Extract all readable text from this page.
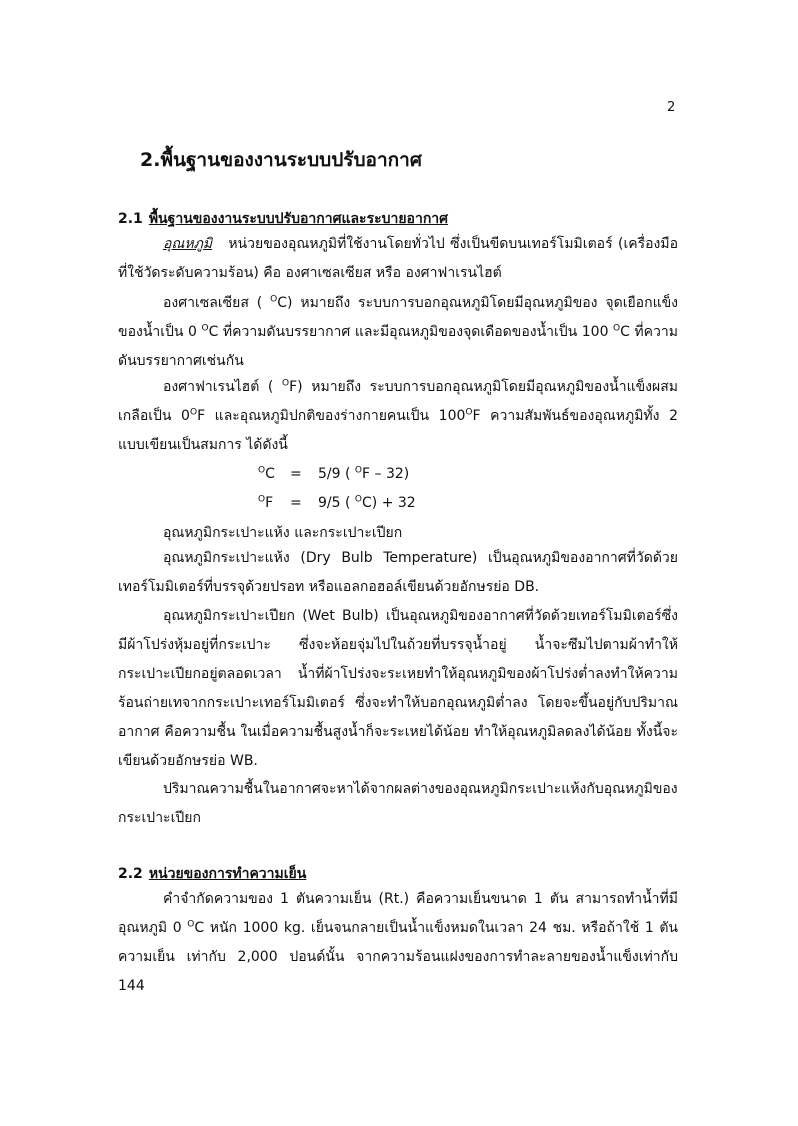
2
2.พื้นฐานของงานระบบปรับอากาศ
2.1 พื้นฐานของงานระบบปรับอากาศและระบายอากาศ

อุณหภูมิ หน่วยของอุณหภูมิที่ใช้งานโดยทั่วไป ซึ่งเป็นขีดบนเทอร์โมมิเตอร์ (เครื่องมือที่ใช้วัดระดับความร้อน) คือ องศาเซลเซียส หรือ องศาฟาเรนไฮต์

องศาเซลเซียส ( $^O$C) หมายถึง ระบบการบอกอุณหภูมิโดยมีอุณหภูมิของ จุดเยือกแข็งของน้ำเป็น 0 $^O$C ที่ความดันบรรยากาศ และมีอุณหภูมิของจุดเดือดของน้ำเป็น 100 $^O$C ที่ความดันบรรยากาศเช่นกัน

องศาฟาเรนไฮต์ ( $^O$F) หมายถึง ระบบการบอกอุณหภูมิโดยมีอุณหภูมิของน้ำแข็งผสมเกลือเป็น $0^OF$ และอุณหภูมิปกติของร่างกายคนเป็น $100^OF$ ความสัมพันธ์ของอุณหภูมิทั้ง 2 แบบเขียนเป็นสมการ ได้ดังนี้

$^O$C = 5/9 ( $^O$F – 32)
$^O$F = 9/5 ( $^O$C) + 32
อุณหภูมิกระเปาะแห้ง และกระเปาะเปียก

อุณหภูมิกระเปาะแห้ง (Dry Bulb Temperature) เป็นอุณหภูมิของอากาศที่วัดด้วยเทอร์โมมิเตอร์ที่บรรจุด้วยปรอท หรือแอลกอฮอล์เขียนด้วยอักษรย่อ DB.

อุณหภูมิกระเปาะเปียก (Wet Bulb) เป็นอุณหภูมิของอากาศที่วัดด้วยเทอร์โมมิเตอร์ซึ่งมีผ้าโปร่งหุ้มอยู่ที่กระเปาะ ซึ่งจะห้อยจุ่มไปในถ้วยที่บรรจุน้ำอยู่ น้ำจะซึมไปตามผ้าทำให้กระเปาะเปียกอยู่ตลอดเวลา น้ำที่ผ้าโปร่งจะระเหยทำให้อุณหภูมิของผ้าโปร่งต่ำลงทำให้ความร้อนถ่ายเทจากกระเปาะเทอร์โมมิเตอร์ ซึ่งจะทำให้บอกอุณหภูมิต่ำลง โดยจะขึ้นอยู่กับปริมาณอากาศ คือความชื้น ในเมื่อความชื้นสูงน้ำก็จะระเหยได้น้อย ทำให้อุณหภูมิลดลงได้น้อย ทั้งนี้จะเขียนด้วยอักษรย่อ WB.

ปริมาณความชื้นในอากาศจะหาได้จากผลต่างของอุณหภูมิกระเปาะแห้งกับอุณหภูมิของกระเปาะเปียก

2.2 หน่วยของการทำความเย็น

คำจำกัดความของ 1 ตันความเย็น (Rt.) คือความเย็นขนาด 1 ตัน สามารถทำน้ำที่มีอุณหภูมิ 0 $^O$C หนัก 1000 kg. เย็นจนกลายเป็นน้ำแข็งหมดในเวลา 24 ชม. หรือถ้าใช้ 1 ตันความเย็น เท่ากับ 2,000 ปอนด์นั้น จากความร้อนแฝงของการทำละลายของน้ำแข็งเท่ากับ 144
